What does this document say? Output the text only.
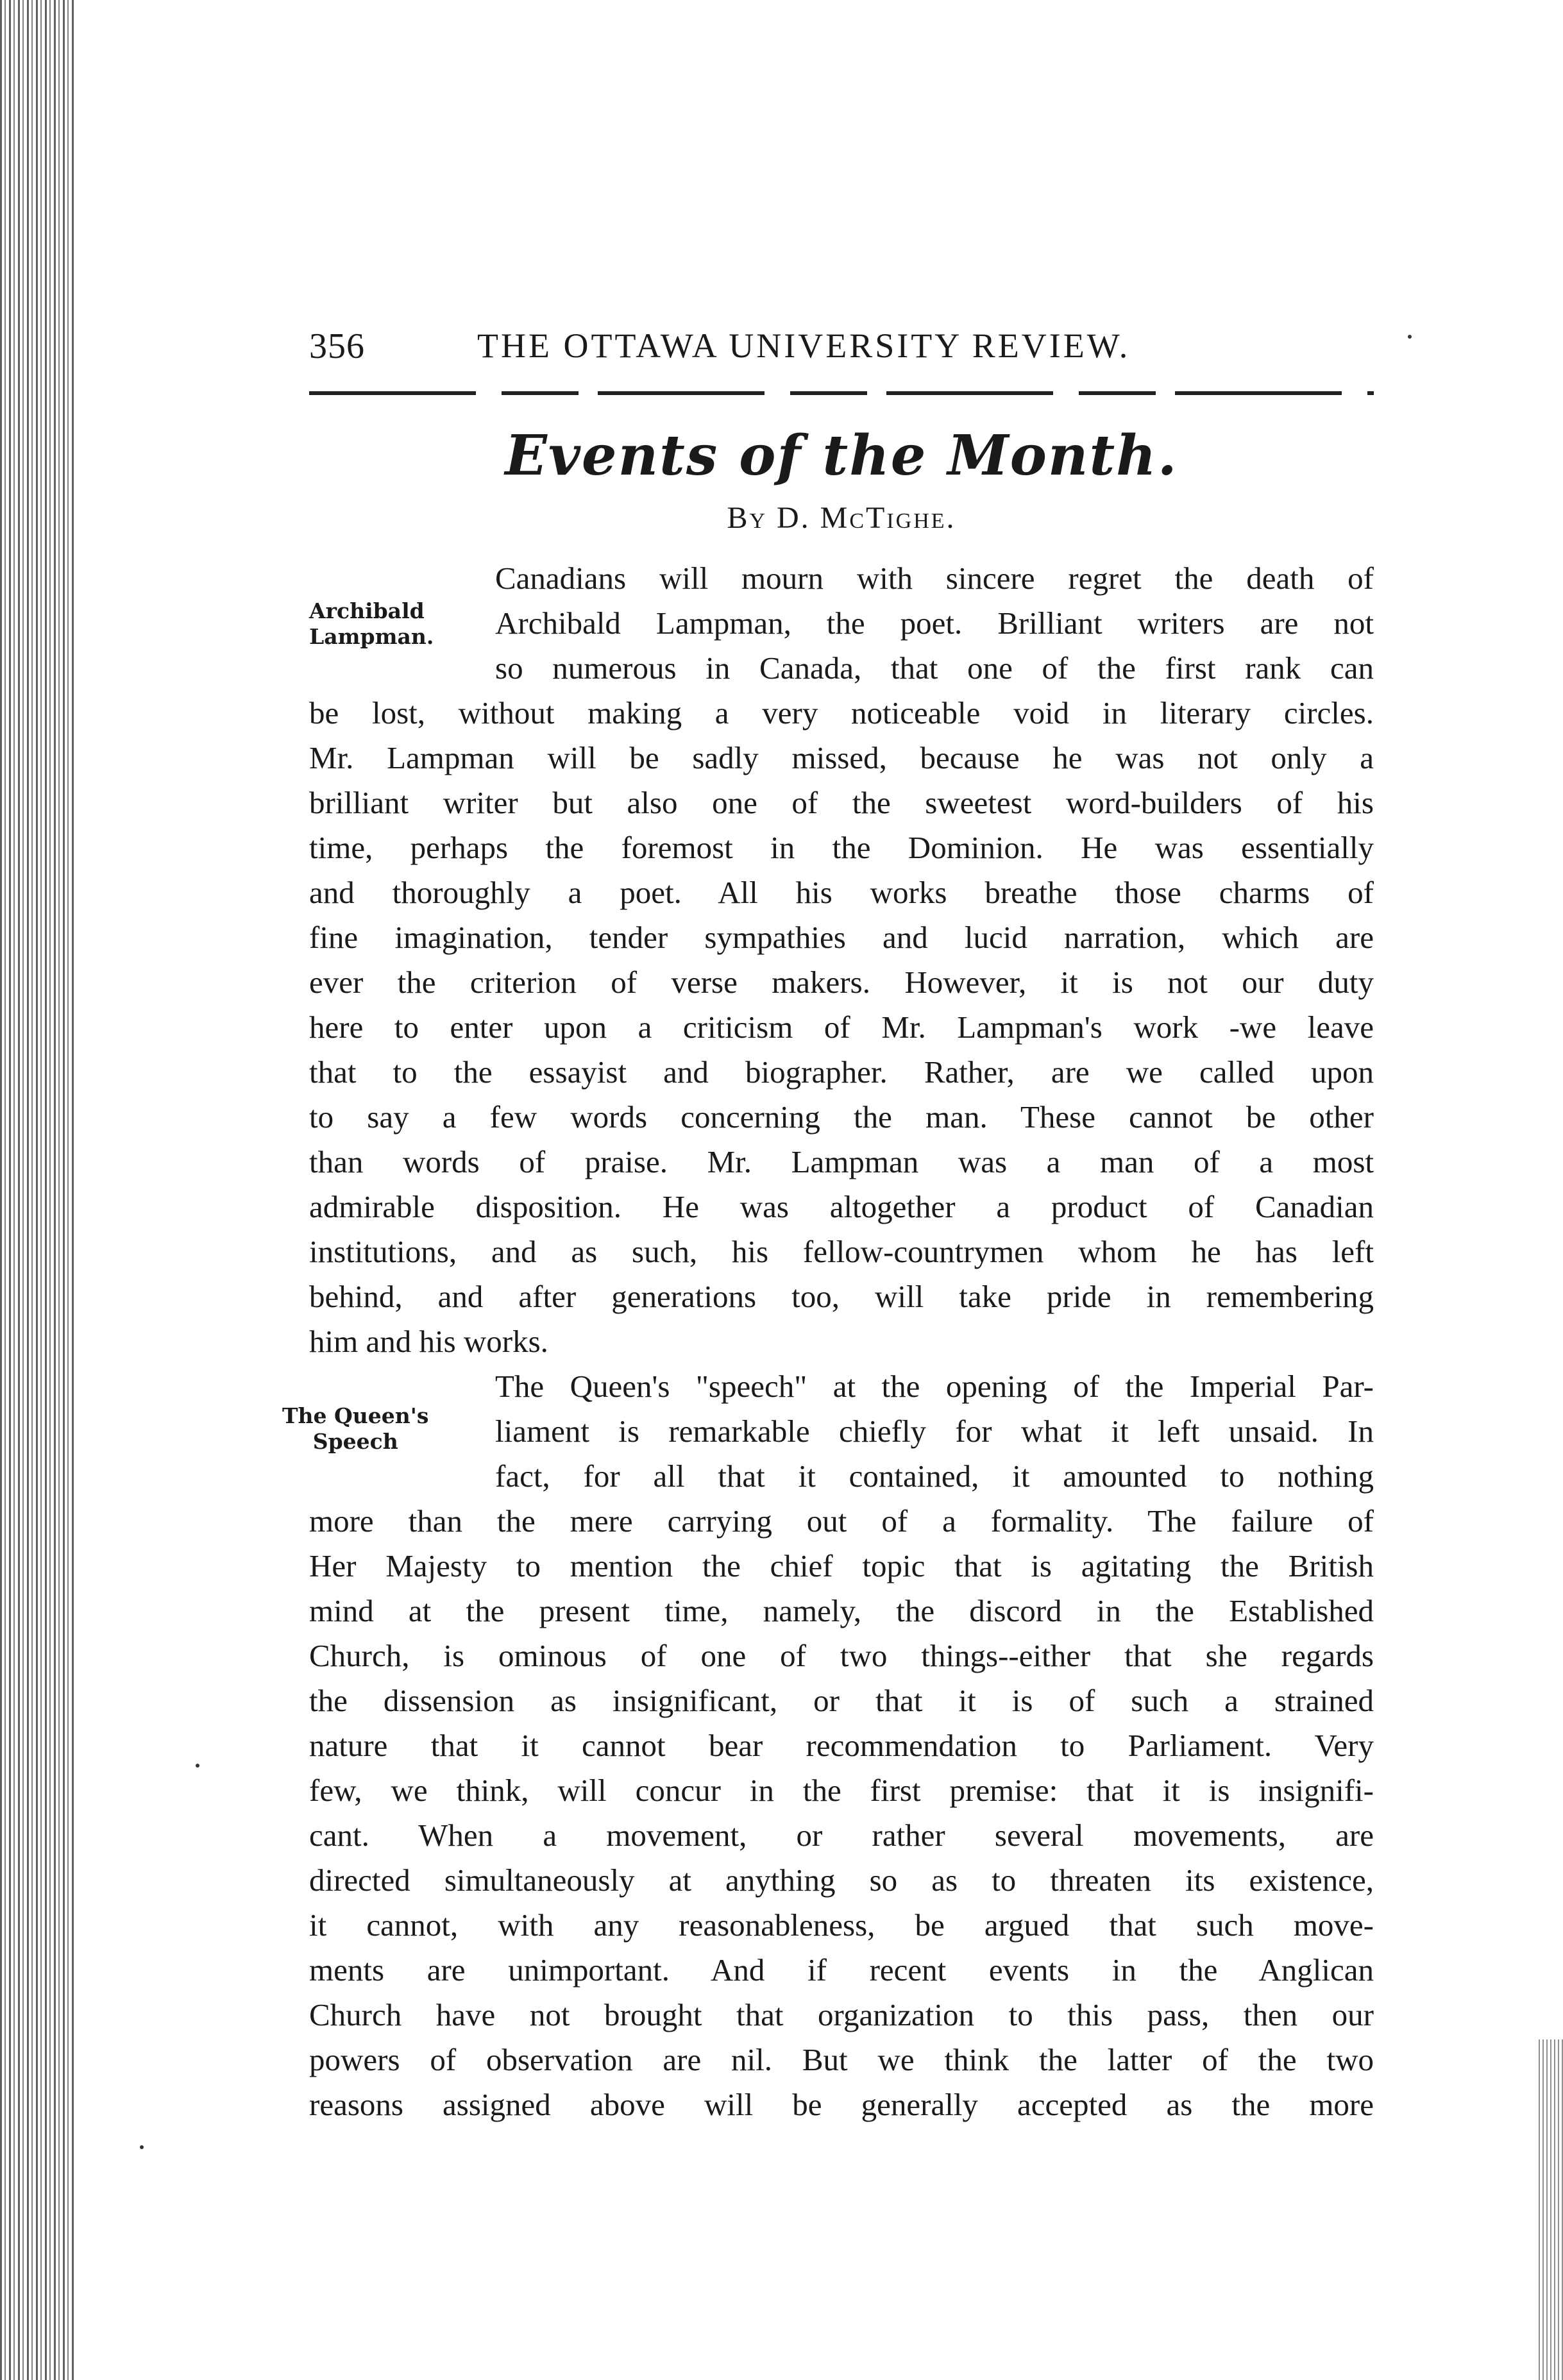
356	THE OTTAWA UNIVERSITY REVIEW.
Events of the Month.
By D. McTighe.
Archibald
Lampman.
The Queen's
Speech
Canadians will mourn with sincere regret the death of
Archibald Lampman, the poet. Brilliant writers are not
so numerous in Canada, that one of the first rank can
be lost, without making a very noticeable void in literary circles.
Mr. Lampman will be sadly missed, because he was not only a
brilliant writer but also one of the sweetest word-builders of his
time, perhaps the foremost in the Dominion. He was essentially
and thoroughly a poet. All his works breathe those charms of
fine imagination, tender sympathies and lucid narration, which are
ever the criterion of verse makers. However, it is not our duty
here to enter upon a criticism of Mr. Lampman's work -we leave
that to the essayist and biographer. Rather, are we called upon
to say a few words concerning the man. These cannot be other
than words of praise. Mr. Lampman was a man of a most
admirable disposition. He was altogether a product of Canadian
institutions, and as such, his fellow-countrymen whom he has left
behind, and after generations too, will take pride in remembering
him and his works.
The Queen's "speech" at the opening of the Imperial Par-
liament is remarkable chiefly for what it left unsaid. In
fact, for all that it contained, it amounted to nothing
more than the mere carrying out of a formality. The failure of
Her Majesty to mention the chief topic that is agitating the British
mind at the present time, namely, the discord in the Established
Church, is ominous of one of two things--either that she regards
the dissension as insignificant, or that it is of such a strained
nature that it cannot bear recommendation to Parliament. Very
few, we think, will concur in the first premise: that it is insignifi-
cant. When a movement, or rather several movements, are
directed simultaneously at anything so as to threaten its existence,
it cannot, with any reasonableness, be argued that such move-
ments are unimportant. And if recent events in the Anglican
Church have not brought that organization to this pass, then our
powers of observation are nil. But we think the latter of the two
reasons assigned above will be generally accepted as the more
